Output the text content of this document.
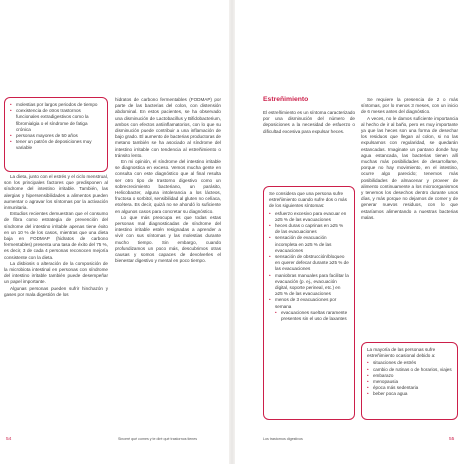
• molestias por largos periodos de tiempo
• coexistencia de otros trastornos funcionales extradigestivos como la fibromialgia o el síndrome de fatiga crónica
• personas mayores de 50 años
• tener un patrón de deposiciones muy variable

La dieta, junto con el estrés y el ciclo menstrual, son los principales factores que predisponen al síndrome del intestino irritable. También, las alergias y hipersensibilidades a alimentos pueden aumentar o agravar los síntomas por la activación inmunitaria.

Estudios recientes demuestran que el consumo de fibra como estrategia de prevención del síndrome del intestino irritable apenas tiene éxito en un 10 % de los casos, mientras que una dieta baja en FODMAP (hidratos de carbono fermentables) presenta una tasa de éxito del 75 %, es decir, 3 de cada 4 personas reconocen mejoría consistente con la dieta.

La disbiosis o alteración de la composición de la microbiota intestinal en personas con síndrome del intestino irritable también puede desempeñar un papel importante.

Algunas personas pueden sufrir hinchazón y gases por mala digestión de los

hidratos de carbono fermentables (FODMAP) por parte de las bacterias del colon, con distensión abdominal. En estos pacientes, se ha observado una disminución de Lactobacillus y Bifidobacterium, ambos con efectos antiinflamatorios, con lo que su disminución puede contribuir a una inflamación de bajo grado. El aumento de bacterias productoras de metano también se ha asociado al síndrome del intestino irritable con tendencia al estreñimiento o tránsito lento.

En mi opinión, el síndrome del intestino irritable se diagnostica en exceso. Vemos mucha gente en consulta con este diagnóstico que al final resulta ser otro tipo de trastorno digestivo como un sobrecrecimiento bacteriano, un parásito, Helicobacter, alguna intolerancia a los lácteos, fructosa o sorbitol, sensibilidad al gluten no celíaca, etcétera. Es decir, quizá no se ahondó lo suficiente en algunos casos para concretar su diagnóstico.

Lo que más preocupa es que todas estas personas mal diagnosticadas de síndrome del intestino irritable estén resignadas a aprender a vivir con sus síntomas y las molestias durante mucho tiempo. Sin embargo, cuando profundizamos un poco más, descubrimos otras causas y somos capaces de devolverles el bienestar digestivo y mental en poco tiempo.

54	Sinceré qué comes y te diré qué trastornos tienes

El estreñimiento es un síntoma caracterizado por una disminución del número de deposiciones a la necesidad de esfuerzo o dificultad excesiva para expulsar heces.

Se considera que una persona sufre estreñimiento cuando sufre dos o más de los siguientes síntomas:

• esfuerzo excesivo para evacuar en ≥25 % de las evacuaciones
• heces duras o caprinas en ≥25 % de las evacuaciones
• sensación de evacuación incompleta en ≥25 % de las evacuaciones
• sensación de obstrucción/bloqueo en querer defecar durante ≥25 % de las evacuaciones
• maniobras manuales para facilitar la evacuación (p. ej., evacuación digital, soporte perineal, etc.) en ≥25 % de las evacuaciones
• menos de 3 evacuaciones por semana
• evacuaciones sueltas raramente presentes sin el uso de laxantes

Se requiere la presencia de 2 o más síntomas, por lo menos 3 meses, con un inicio de 6 meses antes del diagnóstico.

A veces, no le damos suficiente importancia al hecho de ir al baño, pero es muy importante ya que las heces son una forma de desechar los residuos que llegan al colon, si no las expulsamos con regularidad, se quedarán estancadas. Imaginate un pantano donde hay agua estancada, las bacterias tienen allí muchas más posibilidades de desarrollarse, porque no hay movimiento, en el intestino, ocurre algo parecido; tenemos más posibilidades de almacenar y proveer de alimento continuamente a los microorganismos y tenemos los desechos dentro durante unos días, y más porque no dejamos de comer y de generar nuevos residuos, con lo que estaríamos alimentando a nuestras bacterias malas.

La mayoría de las personas sufre estreñimiento ocasional debido a:

• situaciones de estrés
• cambio de rutinas o de horarios, viajes
• embarazo
• menopausia
• época más sedentaria
• beber poca agua
Los trastornos digestivos	55
Estreñimiento
